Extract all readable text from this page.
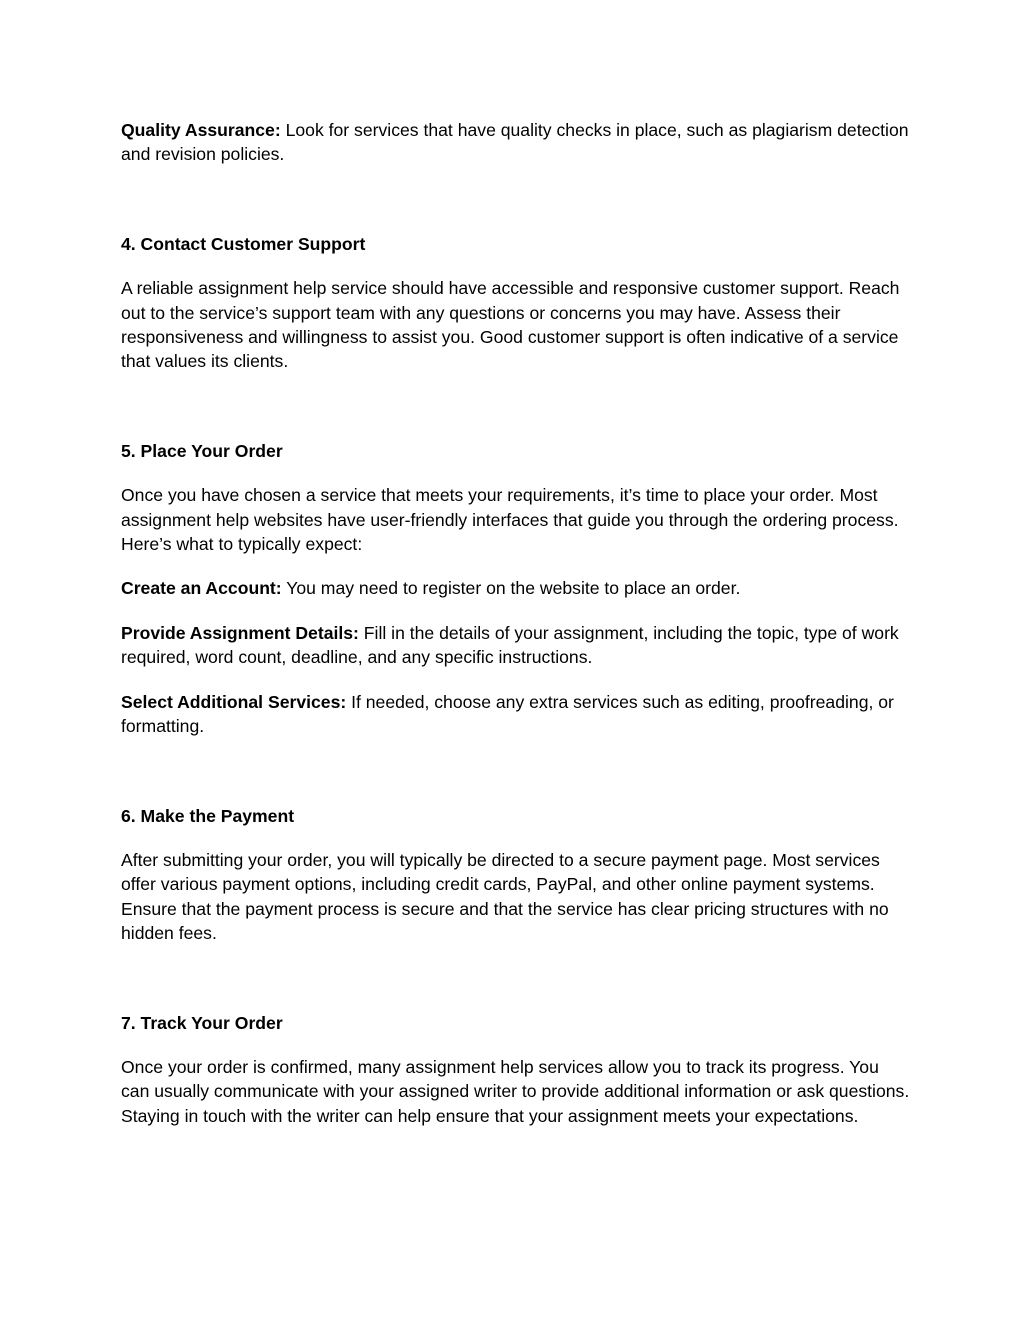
Quality Assurance: Look for services that have quality checks in place, such as plagiarism detection and revision policies.

4. Contact Customer Support

A reliable assignment help service should have accessible and responsive customer support. Reach out to the service’s support team with any questions or concerns you may have. Assess their responsiveness and willingness to assist you. Good customer support is often indicative of a service that values its clients.

5. Place Your Order

Once you have chosen a service that meets your requirements, it’s time to place your order. Most assignment help websites have user-friendly interfaces that guide you through the ordering process. Here’s what to typically expect:

Create an Account: You may need to register on the website to place an order.

Provide Assignment Details: Fill in the details of your assignment, including the topic, type of work required, word count, deadline, and any specific instructions.

Select Additional Services: If needed, choose any extra services such as editing, proofreading, or formatting.

6. Make the Payment

After submitting your order, you will typically be directed to a secure payment page. Most services offer various payment options, including credit cards, PayPal, and other online payment systems. Ensure that the payment process is secure and that the service has clear pricing structures with no hidden fees.

7. Track Your Order

Once your order is confirmed, many assignment help services allow you to track its progress. You can usually communicate with your assigned writer to provide additional information or ask questions. Staying in touch with the writer can help ensure that your assignment meets your expectations.
